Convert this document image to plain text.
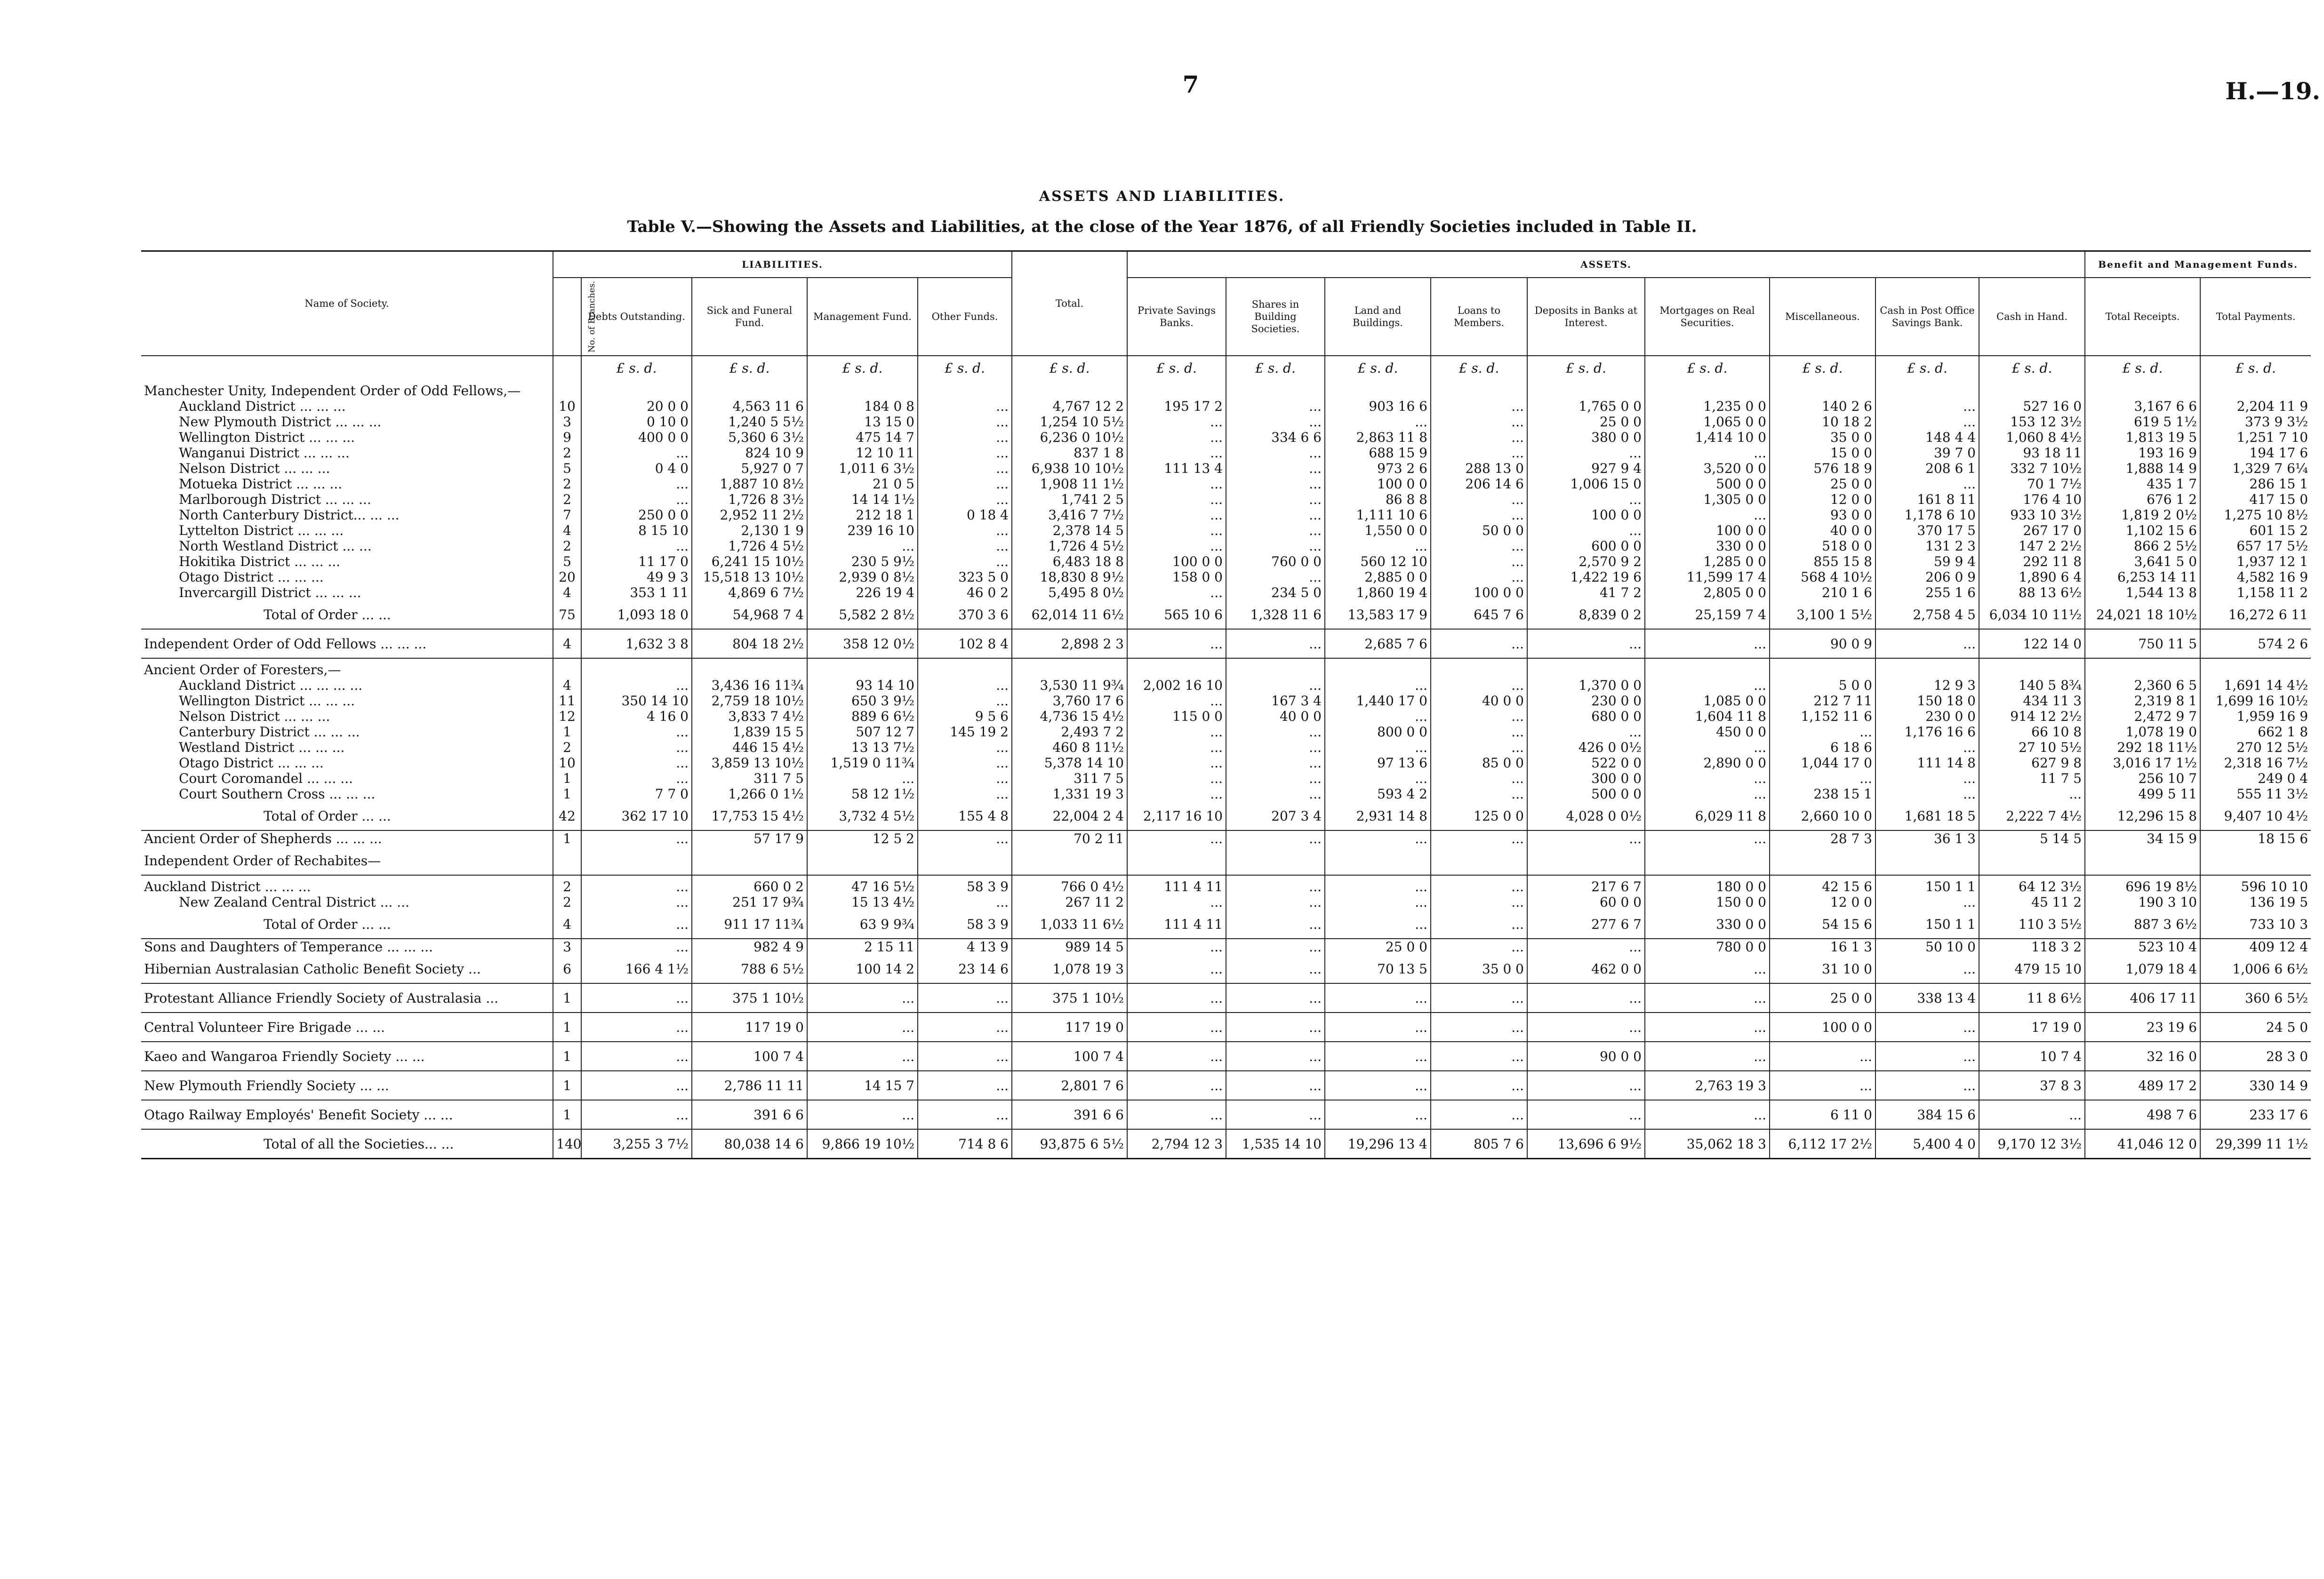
7	H.—19.
ASSETS AND LIABILITIES.
Table V.—Showing the Assets and Liabilities, at the close of the Year 1876, of all Friendly Societies included in Table II.
Name of Society.	LIABILITIES.					Total.	ASSETS.									Benefit and Management Funds.	
	No. of Branches.	Debts Outstanding.	Sick and Funeral Fund.	Management Fund.	Other Funds.		Private Savings Banks.	Shares in Building Societies.	Land and Buildings.	Loans to Members.	Deposits in Banks at Interest.	Mortgages on Real Securities.	Miscellaneous.	Cash in Post Office Savings Bank.	Cash in Hand.	Total Receipts.	Total Payments.
		£ s. d.	£ s. d.	£ s. d.	£ s. d.	£ s. d.	£ s. d.	£ s. d.	£ s. d.	£ s. d.	£ s. d.	£ s. d.	£ s. d.	£ s. d.	£ s. d.	£ s. d.	£ s. d.
Manchester Unity, Independent Order of Odd Fellows,—																	
Auckland District ... ... ...	10	20 0 0	4,563 11 6	184 0 8	...	4,767 12 2	195 17 2	...	903 16 6	...	1,765 0 0	1,235 0 0	140 2 6	...	527 16 0	3,167 6 6	2,204 11 9
New Plymouth District ... ... ...	3	0 10 0	1,240 5 5½	13 15 0	...	1,254 10 5½	...	...	...	...	25 0 0	1,065 0 0	10 18 2	...	153 12 3½	619 5 1½	373 9 3½
Wellington District ... ... ...	9	400 0 0	5,360 6 3½	475 14 7	...	6,236 0 10½	...	334 6 6	2,863 11 8	...	380 0 0	1,414 10 0	35 0 0	148 4 4	1,060 8 4½	1,813 19 5	1,251 7 10
Wanganui District ... ... ...	2	...	824 10 9	12 10 11	...	837 1 8	...	...	688 15 9	...	...	...	15 0 0	39 7 0	93 18 11	193 16 9	194 17 6
Nelson District ... ... ...	5	0 4 0	5,927 0 7	1,011 6 3½	...	6,938 10 10½	111 13 4	...	973 2 6	288 13 0	927 9 4	3,520 0 0	576 18 9	208 6 1	332 7 10½	1,888 14 9	1,329 7 6¼
Motueka District ... ... ...	2	...	1,887 10 8½	21 0 5	...	1,908 11 1½	...	...	100 0 0	206 14 6	1,006 15 0	500 0 0	25 0 0	...	70 1 7½	435 1 7	286 15 1
Marlborough District ... ... ...	2	...	1,726 8 3½	14 14 1½	...	1,741 2 5	...	...	86 8 8	...	...	1,305 0 0	12 0 0	161 8 11	176 4 10	676 1 2	417 15 0
North Canterbury District... ... ...	7	250 0 0	2,952 11 2½	212 18 1	0 18 4	3,416 7 7½	...	...	1,111 10 6	...	100 0 0	...	93 0 0	1,178 6 10	933 10 3½	1,819 2 0½	1,275 10 8½
Lyttelton District ... ... ...	4	8 15 10	2,130 1 9	239 16 10	...	2,378 14 5	...	...	1,550 0 0	50 0 0	...	100 0 0	40 0 0	370 17 5	267 17 0	1,102 15 6	601 15 2
North Westland District ... ...	2	...	1,726 4 5½	...	...	1,726 4 5½	...	...	...	...	600 0 0	330 0 0	518 0 0	131 2 3	147 2 2½	866 2 5½	657 17 5½
Hokitika District ... ... ...	5	11 17 0	6,241 15 10½	230 5 9½	...	6,483 18 8	100 0 0	760 0 0	560 12 10	...	2,570 9 2	1,285 0 0	855 15 8	59 9 4	292 11 8	3,641 5 0	1,937 12 1
Otago District ... ... ...	20	49 9 3	15,518 13 10½	2,939 0 8½	323 5 0	18,830 8 9½	158 0 0	...	2,885 0 0	...	1,422 19 6	11,599 17 4	568 4 10½	206 0 9	1,890 6 4	6,253 14 11	4,582 16 9
Invercargill District ... ... ...	4	353 1 11	4,869 6 7½	226 19 4	46 0 2	5,495 8 0½	...	234 5 0	1,860 19 4	100 0 0	41 7 2	2,805 0 0	210 1 6	255 1 6	88 13 6½	1,544 13 8	1,158 11 2
Total of Order ... ...	75	1,093 18 0	54,968 7 4	5,582 2 8½	370 3 6	62,014 11 6½	565 10 6	1,328 11 6	13,583 17 9	645 7 6	8,839 0 2	25,159 7 4	3,100 1 5½	2,758 4 5	6,034 10 11½	24,021 18 10½	16,272 6 11
Independent Order of Odd Fellows ... ... ...	4	1,632 3 8	804 18 2½	358 12 0½	102 8 4	2,898 2 3	...	...	2,685 7 6	...	...	...	90 0 9	...	122 14 0	750 11 5	574 2 6
Ancient Order of Foresters,—																	
Auckland District ... ... ... ...	4	...	3,436 16 11¾	93 14 10	...	3,530 11 9¾	2,002 16 10	...	...	...	1,370 0 0	...	5 0 0	12 9 3	140 5 8¾	2,360 6 5	1,691 14 4½
Wellington District ... ... ...	11	350 14 10	2,759 18 10½	650 3 9½	...	3,760 17 6	...	167 3 4	1,440 17 0	40 0 0	230 0 0	1,085 0 0	212 7 11	150 18 0	434 11 3	2,319 8 1	1,699 16 10½
Nelson District ... ... ...	12	4 16 0	3,833 7 4½	889 6 6½	9 5 6	4,736 15 4½	115 0 0	40 0 0	...	...	680 0 0	1,604 11 8	1,152 11 6	230 0 0	914 12 2½	2,472 9 7	1,959 16 9
Canterbury District ... ... ...	1	...	1,839 15 5	507 12 7	145 19 2	2,493 7 2	...	...	800 0 0	...	...	450 0 0	...	1,176 16 6	66 10 8	1,078 19 0	662 1 8
Westland District ... ... ...	2	...	446 15 4½	13 13 7½	...	460 8 11½	...	...	...	...	426 0 0½	...	6 18 6	...	27 10 5½	292 18 11½	270 12 5½
Otago District ... ... ...	10	...	3,859 13 10½	1,519 0 11¾	...	5,378 14 10	...	...	97 13 6	85 0 0	522 0 0	2,890 0 0	1,044 17 0	111 14 8	627 9 8	3,016 17 1½	2,318 16 7½
Court Coromandel ... ... ...	1	...	311 7 5	...	...	311 7 5	...	...	...	...	300 0 0	...	...	...	11 7 5	256 10 7	249 0 4
Court Southern Cross ... ... ...	1	7 7 0	1,266 0 1½	58 12 1½	...	1,331 19 3	...	...	593 4 2	...	500 0 0	...	238 15 1	...	...	499 5 11	555 11 3½
Total of Order ... ...	42	362 17 10	17,753 15 4½	3,732 4 5½	155 4 8	22,004 2 4	2,117 16 10	207 3 4	2,931 14 8	125 0 0	4,028 0 0½	6,029 11 8	2,660 10 0	1,681 18 5	2,222 7 4½	12,296 15 8	9,407 10 4½
Ancient Order of Shepherds ... ... ...	1	...	57 17 9	12 5 2	...	70 2 11	...	...	...	...	...	...	28 7 3	36 1 3	5 14 5	34 15 9	18 15 6
Independent Order of Rechabites—																	
Auckland District ... ... ...	2	...	660 0 2	47 16 5½	58 3 9	766 0 4½	111 4 11	...	...	...	217 6 7	180 0 0	42 15 6	150 1 1	64 12 3½	696 19 8½	596 10 10
New Zealand Central District ... ...	2	...	251 17 9¾	15 13 4½	...	267 11 2	...	...	...	...	60 0 0	150 0 0	12 0 0	...	45 11 2	190 3 10	136 19 5
Total of Order ... ...	4	...	911 17 11¾	63 9 9¾	58 3 9	1,033 11 6½	111 4 11	...	...	...	277 6 7	330 0 0	54 15 6	150 1 1	110 3 5½	887 3 6½	733 10 3
Sons and Daughters of Temperance ... ... ...	3	...	982 4 9	2 15 11	4 13 9	989 14 5	...	...	25 0 0	...	...	780 0 0	16 1 3	50 10 0	118 3 2	523 10 4	409 12 4
Hibernian Australasian Catholic Benefit Society ...	6	166 4 1½	788 6 5½	100 14 2	23 14 6	1,078 19 3	...	...	70 13 5	35 0 0	462 0 0	...	31 10 0	...	479 15 10	1,079 18 4	1,006 6 6½
Protestant Alliance Friendly Society of Australasia ...	1	...	375 1 10½	...	...	375 1 10½	...	...	...	...	...	...	25 0 0	338 13 4	11 8 6½	406 17 11	360 6 5½
Central Volunteer Fire Brigade ... ...	1	...	117 19 0	...	...	117 19 0	...	...	...	...	...	...	100 0 0	...	17 19 0	23 19 6	24 5 0
Kaeo and Wangaroa Friendly Society ... ...	1	...	100 7 4	...	...	100 7 4	...	...	...	...	90 0 0	...	...	...	10 7 4	32 16 0	28 3 0
New Plymouth Friendly Society ... ...	1	...	2,786 11 11	14 15 7	...	2,801 7 6	...	...	...	...	...	2,763 19 3	...	...	37 8 3	489 17 2	330 14 9
Otago Railway Employés' Benefit Society ... ...	1	...	391 6 6	...	...	391 6 6	...	...	...	...	...	...	6 11 0	384 15 6	...	498 7 6	233 17 6
Total of all the Societies... ...	140	3,255 3 7½	80,038 14 6	9,866 19 10½	714 8 6	93,875 6 5½	2,794 12 3	1,535 14 10	19,296 13 4	805 7 6	13,696 6 9½	35,062 18 3	6,112 17 2½	5,400 4 0	9,170 12 3½	41,046 12 0	29,399 11 1½
